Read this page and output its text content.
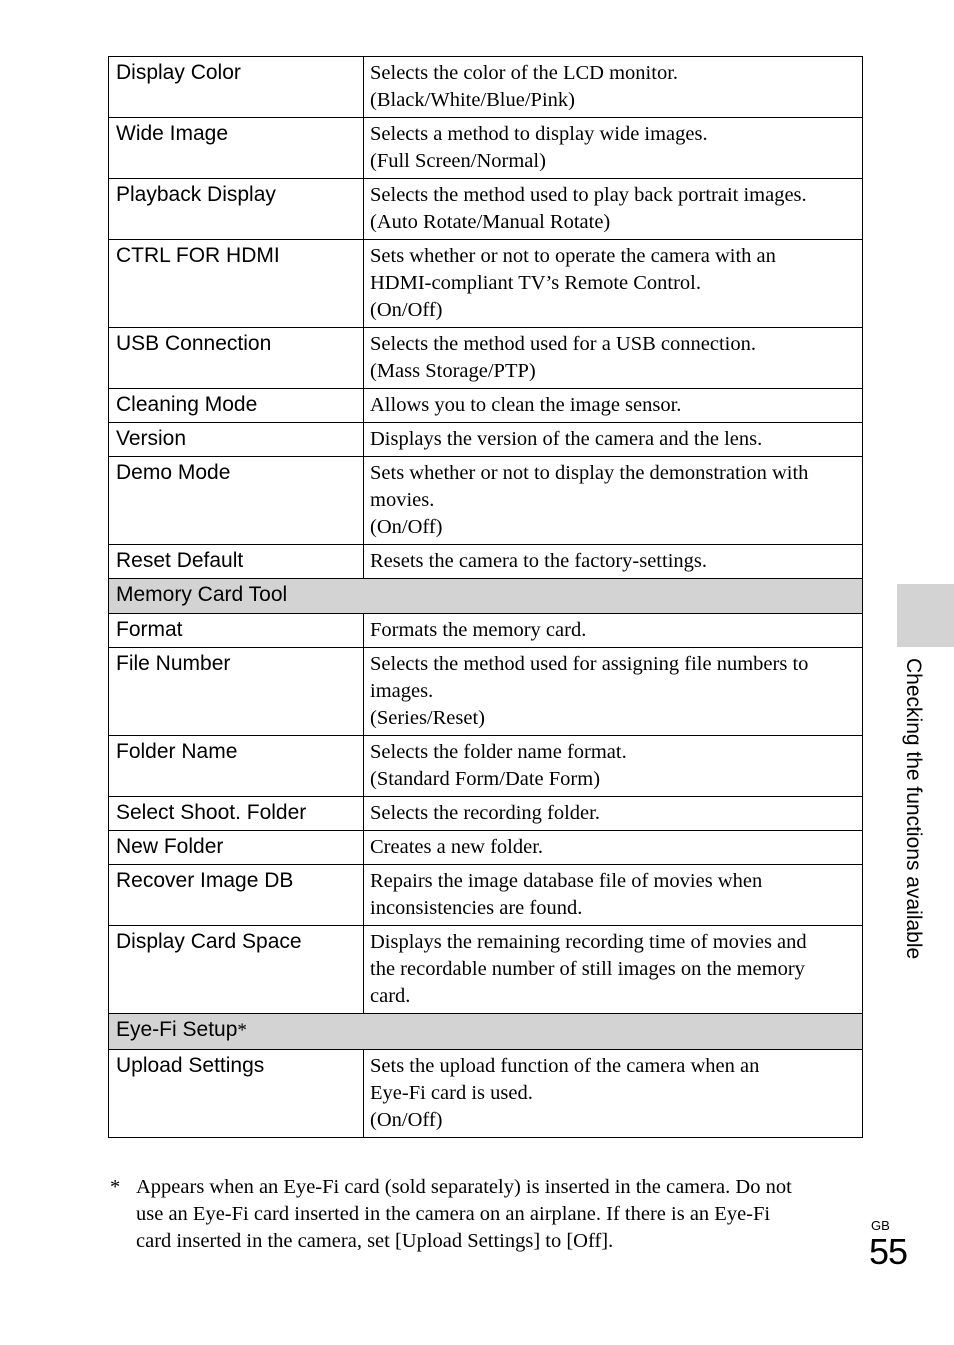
Display Color	Selects the color of the LCD monitor.
(Black/White/Blue/Pink)

Wide Image	Selects a method to display wide images.
(Full Screen/Normal)

Playback Display	Selects the method used to play back portrait images.
(Auto Rotate/Manual Rotate)

CTRL FOR HDMI	Sets whether or not to operate the camera with an
HDMI-compliant TV’s Remote Control.
(On/Off)

USB Connection	Selects the method used for a USB connection.
(Mass Storage/PTP)

Cleaning Mode	Allows you to clean the image sensor.

Version	Displays the version of the camera and the lens.

Demo Mode	Sets whether or not to display the demonstration with
movies.
(On/Off)

Reset Default	Resets the camera to the factory-settings.

Memory Card Tool	
Format	Formats the memory card.

File Number	Selects the method used for assigning file numbers to
images.
(Series/Reset)

Folder Name	Selects the folder name format.
(Standard Form/Date Form)

Select Shoot. Folder	Selects the recording folder.

New Folder	Creates a new folder.

Recover Image DB	Repairs the image database file of movies when
inconsistencies are found.

Display Card Space	Displays the remaining recording time of movies and
the recordable number of still images on the memory
card.

Eye-Fi Setup*	
Upload Settings	Sets the upload function of the camera when an
Eye-Fi card is used.
(On/Off)
* Appears when an Eye-Fi card (sold separately) is inserted in the camera. Do not
use an Eye-Fi card inserted in the camera on an airplane. If there is an Eye-Fi
card inserted in the camera, set [Upload Settings] to [Off].
Checking the functions available
GB
55
